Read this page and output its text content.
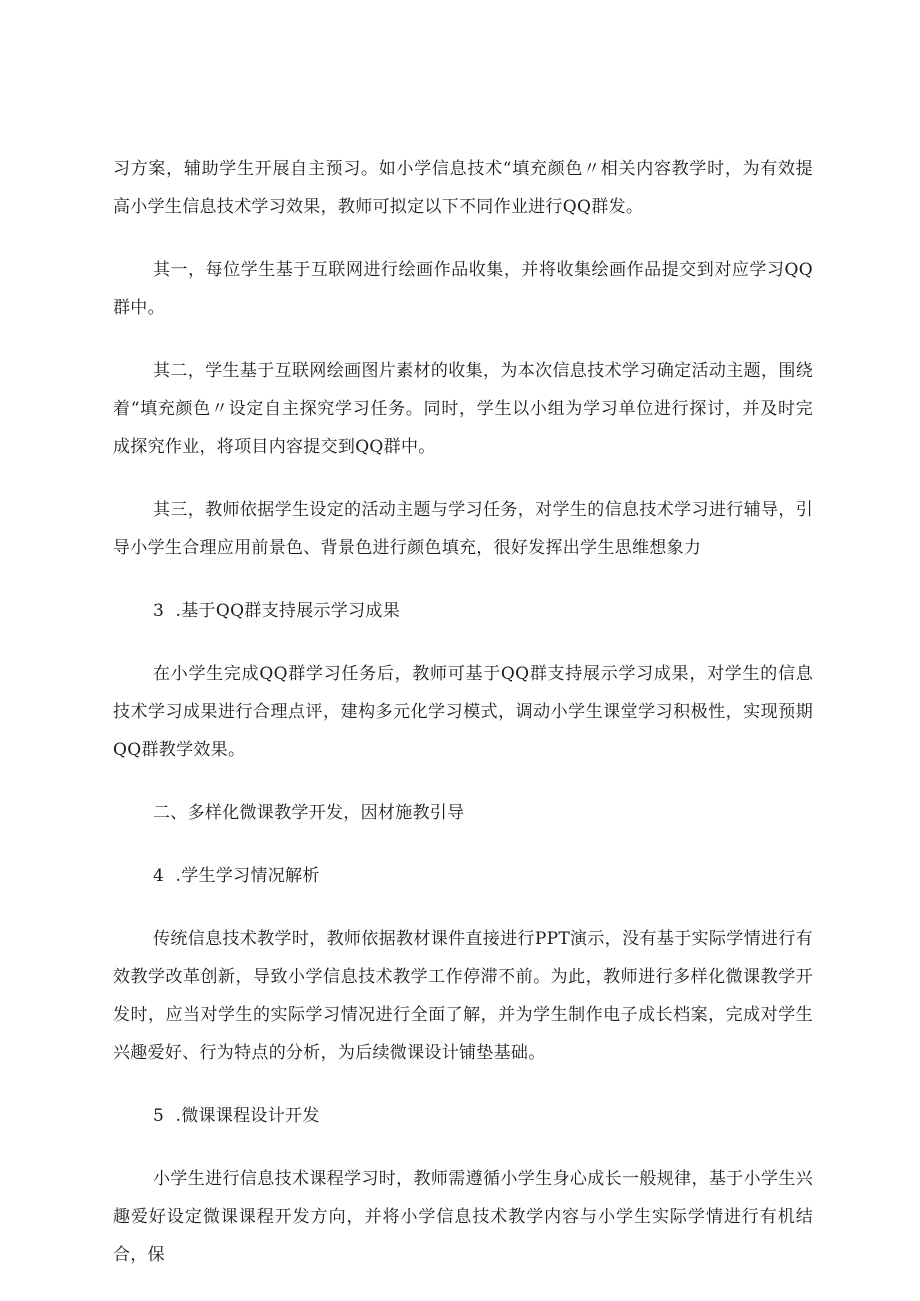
习方案，辅助学生开展自主预习。如小学信息技术“填充颜色〃相关内容教学时，为有效提高小学生信息技术学习效果，教师可拟定以下不同作业进行QQ群发。

其一，每位学生基于互联网进行绘画作品收集，并将收集绘画作品提交到对应学习QQ群中。

其二，学生基于互联网绘画图片素材的收集，为本次信息技术学习确定活动主题，围绕着“填充颜色〃设定自主探究学习任务。同时，学生以小组为学习单位进行探讨，并及时完成探究作业，将项目内容提交到QQ群中。

其三，教师依据学生设定的活动主题与学习任务，对学生的信息技术学习进行辅导，引导小学生合理应用前景色、背景色进行颜色填充，很好发挥出学生思维想象力

3  .基于QQ群支持展示学习成果

在小学生完成QQ群学习任务后，教师可基于QQ群支持展示学习成果，对学生的信息技术学习成果进行合理点评，建构多元化学习模式，调动小学生课堂学习积极性，实现预期QQ群教学效果。

二、多样化微课教学开发，因材施教引导

4  .学生学习情况解析

传统信息技术教学时，教师依据教材课件直接进行PPT演示，没有基于实际学情进行有效教学改革创新，导致小学信息技术教学工作停滞不前。为此，教师进行多样化微课教学开发时，应当对学生的实际学习情况进行全面了解，并为学生制作电子成长档案，完成对学生兴趣爱好、行为特点的分析，为后续微课设计铺垫基础。

5  .微课课程设计开发

小学生进行信息技术课程学习时，教师需遵循小学生身心成长一般规律，基于小学生兴趣爱好设定微课课程开发方向，并将小学信息技术教学内容与小学生实际学情进行有机结合，保
